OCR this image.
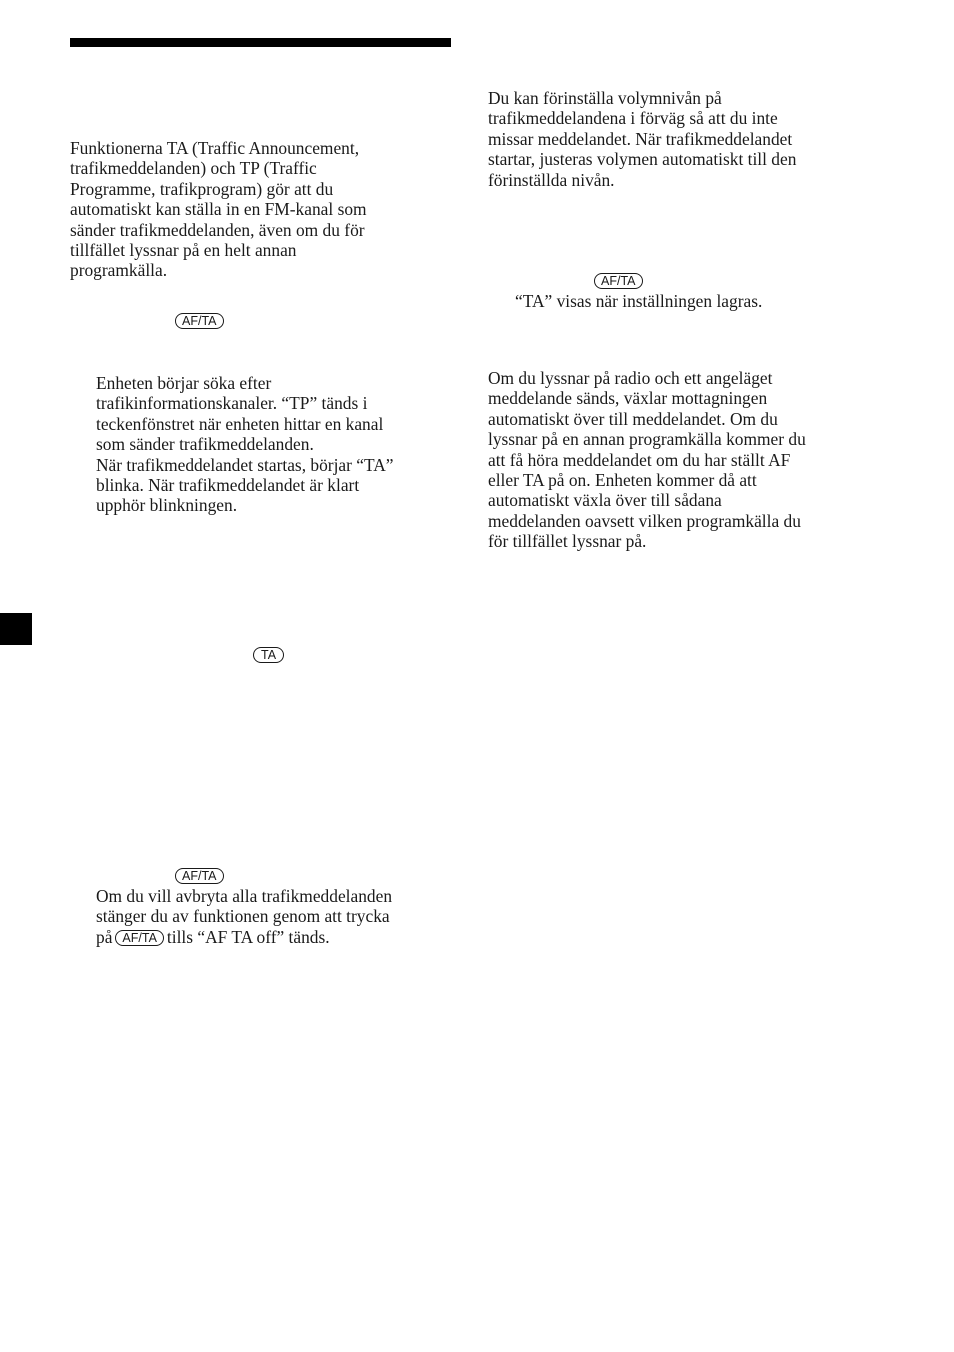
Funktionerna TA (Traffic Announcement,
trafikmeddelanden) och TP (Traffic
Programme, trafikprogram) gör att du
automatiskt kan ställa in en FM-kanal som
sänder trafikmeddelanden, även om du för
tillfället lyssnar på en helt annan
programkälla.
AF/TA
Enheten börjar söka efter
trafikinformationskanaler. “TP” tänds i
teckenfönstret när enheten hittar en kanal
som sänder trafikmeddelanden.
När trafikmeddelandet startas, börjar “TA”
blinka. När trafikmeddelandet är klart
upphör blinkningen.
TA
AF/TA
Om du vill avbryta alla trafikmeddelanden
stänger du av funktionen genom att trycka
på AF/TA tills “AF TA off” tänds.
Du kan förinställa volymnivån på
trafikmeddelandena i förväg så att du inte
missar meddelandet. När trafikmeddelandet
startar, justeras volymen automatiskt till den
förinställda nivån.
AF/TA
“TA” visas när inställningen lagras.
Om du lyssnar på radio och ett angeläget
meddelande sänds, växlar mottagningen
automatiskt över till meddelandet. Om du
lyssnar på en annan programkälla kommer du
att få höra meddelandet om du har ställt AF
eller TA på on. Enheten kommer då att
automatiskt växla över till sådana
meddelanden oavsett vilken programkälla du
för tillfället lyssnar på.
